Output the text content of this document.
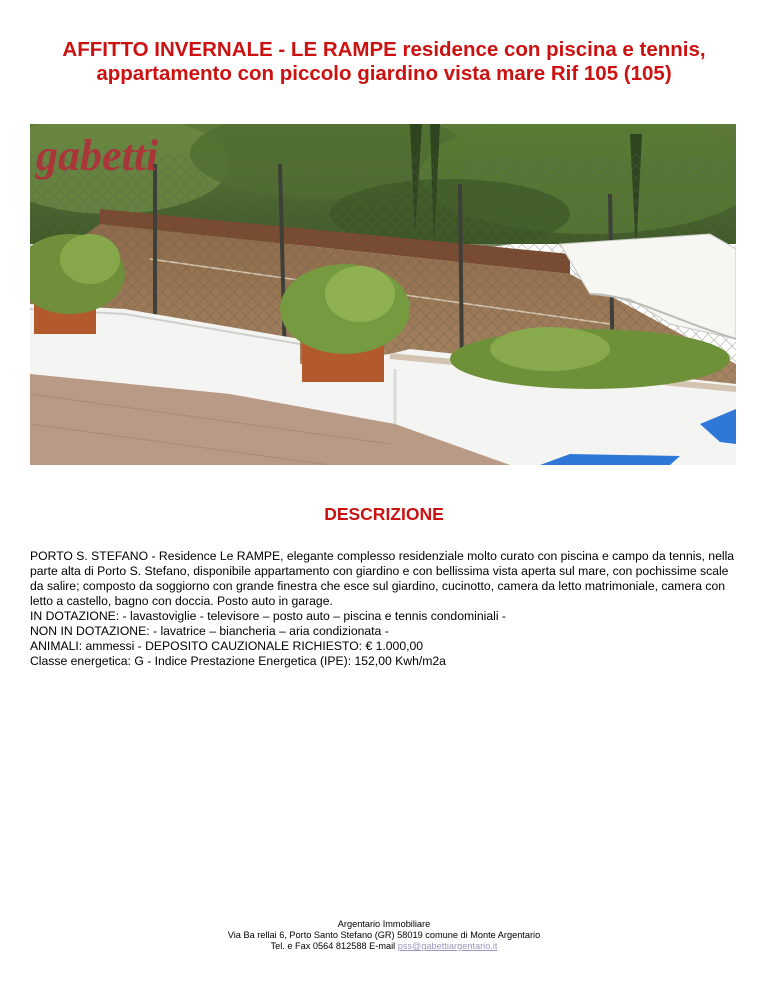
AFFITTO INVERNALE - LE RAMPE residence con piscina e tennis, appartamento con piccolo giardino vista mare Rif 105 (105)
gabetti
DESCRIZIONE

PORTO S. STEFANO - Residence Le RAMPE, elegante complesso residenziale molto curato con piscina e campo da tennis, nella parte alta di Porto S. Stefano, disponibile appartamento con giardino e con bellissima vista aperta sul mare, con pochissime scale da salire; composto da soggiorno con grande finestra che esce sul giardino, cucinotto, camera da letto matrimoniale, camera con letto a castello, bagno con doccia. Posto auto in garage.

IN DOTAZIONE: - lavastoviglie - televisore – posto auto – piscina e tennis condominiali -

NON IN DOTAZIONE: - lavatrice – biancheria – aria condizionata -

ANIMALI: ammessi - DEPOSITO CAUZIONALE RICHIESTO: € 1.000,00

Classe energetica: G - Indice Prestazione Energetica (IPE): 152,00 Kwh/m2a

Argentario Immobiliare
Via Ba rellai 6, Porto Santo Stefano (GR) 58019 comune di Monte Argentario
Tel. e Fax 0564 812588 E-mail pss@gabettiargentario.it
